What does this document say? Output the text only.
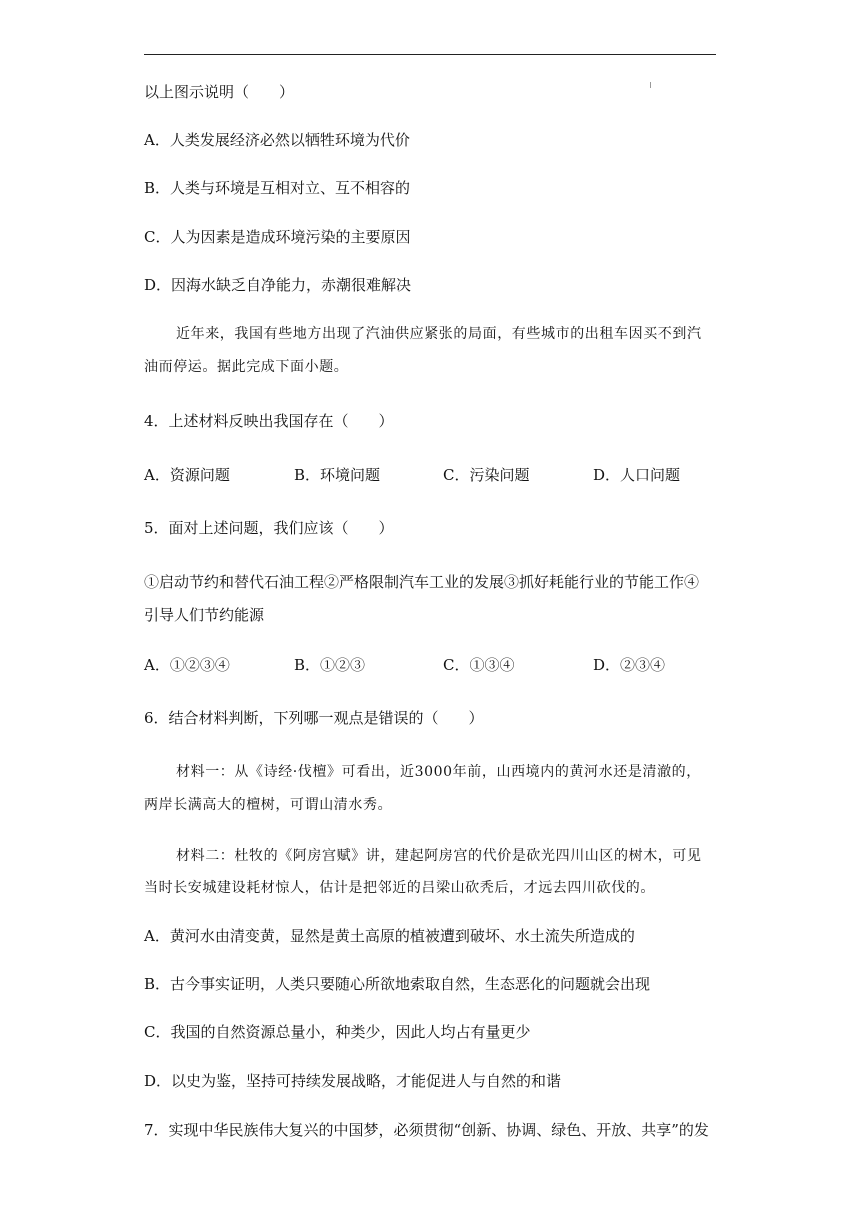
以上图示说明（　　）
A．人类发展经济必然以牺牲环境为代价
B．人类与环境是互相对立、互不相容的
C．人为因素是造成环境污染的主要原因
D．因海水缺乏自净能力，赤潮很难解决
近年来，我国有些地方出现了汽油供应紧张的局面，有些城市的出租车因买不到汽
油而停运。据此完成下面小题。
4．上述材料反映出我国存在（　　）
A．资源问题	B．环境问题	C．污染问题	D．人口问题
5．面对上述问题，我们应该（　　）
①启动节约和替代石油工程②严格限制汽车工业的发展③抓好耗能行业的节能工作④
引导人们节约能源
A．①②③④	B．①②③	C．①③④	D．②③④
6．结合材料判断，下列哪一观点是错误的（　　）
材料一：从《诗经·伐檀》可看出，近3000年前，山西境内的黄河水还是清澈的，
两岸长满高大的檀树，可谓山清水秀。
材料二：杜牧的《阿房宫赋》讲，建起阿房宫的代价是砍光四川山区的树木，可见
当时长安城建设耗材惊人，估计是把邻近的吕梁山砍秃后，才远去四川砍伐的。
A．黄河水由清变黄，显然是黄土高原的植被遭到破坏、水土流失所造成的
B．古今事实证明，人类只要随心所欲地索取自然，生态恶化的问题就会出现
C．我国的自然资源总量小，种类少，因此人均占有量更少
D．以史为鉴，坚持可持续发展战略，才能促进人与自然的和谐
7．实现中华民族伟大复兴的中国梦，必须贯彻“创新、协调、绿色、开放、共享”的发
